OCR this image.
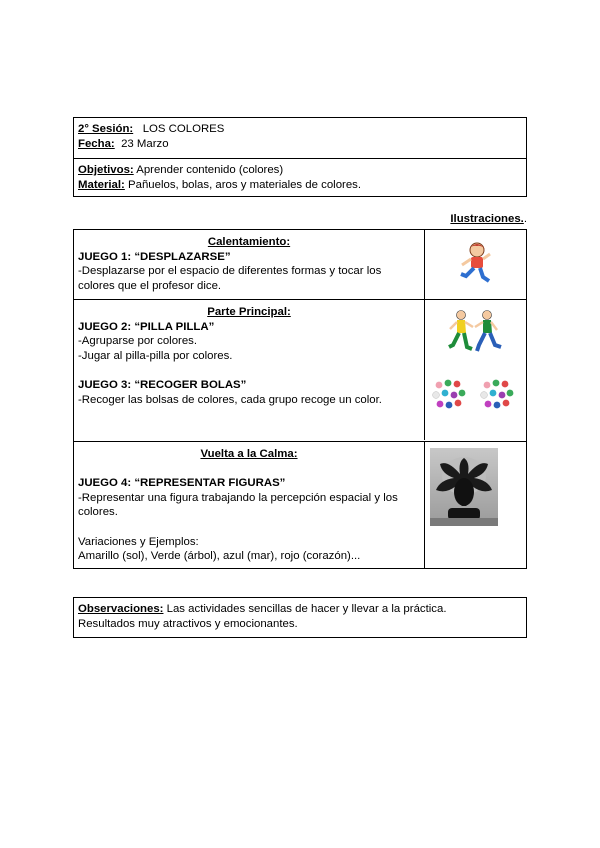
2° Sesión: LOS COLORES
Fecha: 23 Marzo
Objetivos: Aprender contenido (colores)
Material: Pañuelos, bolas, aros y materiales de colores.
Ilustraciones..
Calentamiento:
JUEGO 1: “DESPLAZARSE”
-Desplazarse por el espacio de diferentes formas y tocar los
colores que el profesor dice.
Parte Principal:
JUEGO 2: “PILLA PILLA”
-Agruparse por colores.
-Jugar al pilla-pilla por colores.
JUEGO 3: “RECOGER BOLAS”
-Recoger las bolsas de colores, cada grupo recoge un color.
Vuelta a la Calma:
JUEGO 4: “REPRESENTAR FIGURAS”
-Representar una figura trabajando la percepción espacial y los
colores.
Variaciones y Ejemplos:
Amarillo (sol), Verde (árbol), azul (mar), rojo (corazón)...
Observaciones: Las actividades sencillas de hacer y llevar a la práctica.
Resultados muy atractivos y emocionantes.
